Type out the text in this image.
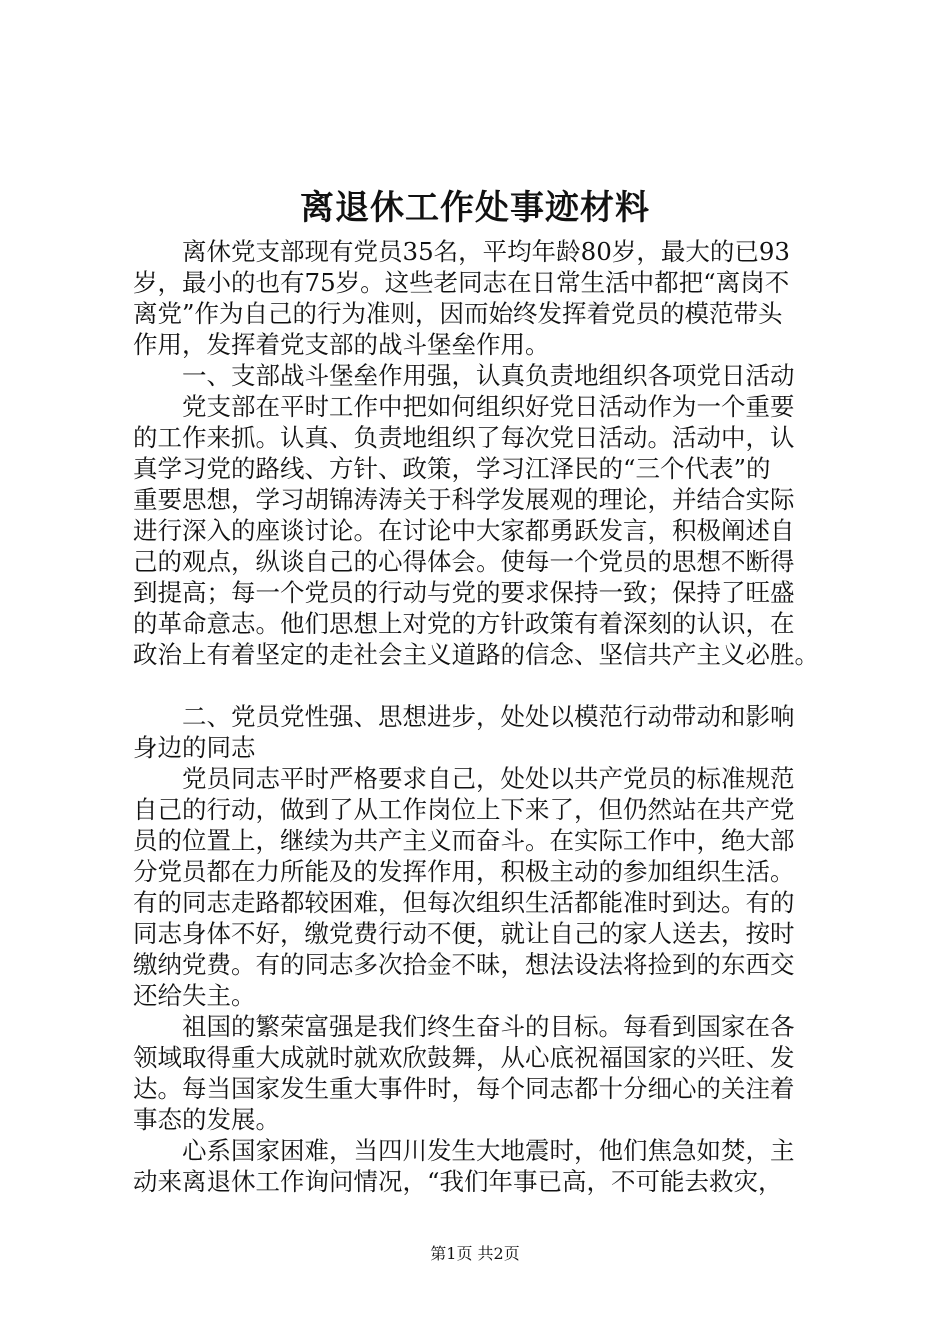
离退休工作处事迹材料

　　离休党支部现有党员35名，平均年龄80岁，最大的已93

岁，最小的也有75岁。这些老同志在日常生活中都把“离岗不

离党”作为自己的行为准则，因而始终发挥着党员的模范带头

作用，发挥着党支部的战斗堡垒作用。

　　一、支部战斗堡垒作用强，认真负责地组织各项党日活动

　　党支部在平时工作中把如何组织好党日活动作为一个重要

的工作来抓。认真、负责地组织了每次党日活动。活动中，认

真学习党的路线、方针、政策，学习江泽民的“三个代表”的

重要思想，学习胡锦涛涛关于科学发展观的理论，并结合实际

进行深入的座谈讨论。在讨论中大家都勇跃发言，积极阐述自

己的观点，纵谈自己的心得体会。使每一个党员的思想不断得

到提高；每一个党员的行动与党的要求保持一致；保持了旺盛

的革命意志。他们思想上对党的方针政策有着深刻的认识，在

政治上有着坚定的走社会主义道路的信念、坚信共产主义必胜。

　　二、党员党性强、思想进步，处处以模范行动带动和影响

身边的同志

　　党员同志平时严格要求自己，处处以共产党员的标准规范

自己的行动，做到了从工作岗位上下来了，但仍然站在共产党

员的位置上，继续为共产主义而奋斗。在实际工作中，绝大部

分党员都在力所能及的发挥作用，积极主动的参加组织生活。

有的同志走路都较困难，但每次组织生活都能准时到达。有的

同志身体不好，缴党费行动不便，就让自己的家人送去，按时

缴纳党费。有的同志多次拾金不昧，想法设法将捡到的东西交

还给失主。

　　祖国的繁荣富强是我们终生奋斗的目标。每看到国家在各

领域取得重大成就时就欢欣鼓舞，从心底祝福国家的兴旺、发

达。每当国家发生重大事件时，每个同志都十分细心的关注着

事态的发展。

　　心系国家困难，当四川发生大地震时，他们焦急如焚，主

动来离退休工作询问情况，“我们年事已高，不可能去救灾，

第1页 共2页
